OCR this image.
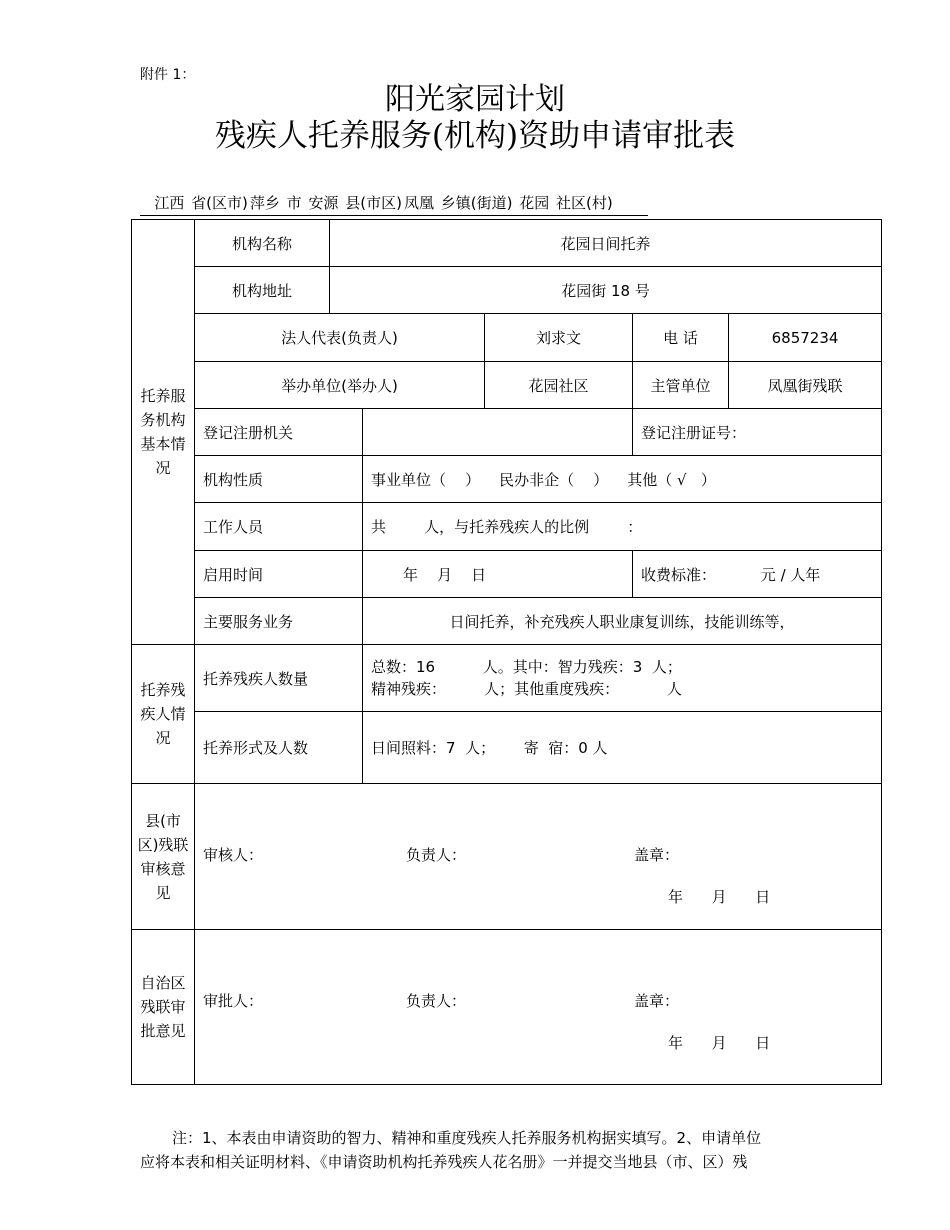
附件 1：
阳光家园计划
残疾人托养服务(机构)资助申请审批表
江西 省(区市) 萍乡 市 安源 县(市区) 凤凰 乡镇(街道) 花园 社区(村)
托养服务机构基本情况	机构名称	花园日间托养				
	机构地址	花园街 18 号				
	法人代表(负责人)			刘求文	电 话	6857234
	举办单位(举办人)			花园社区	主管单位	凤凰街残联
	登记注册机关				登记注册证号：	
	机构性质		事业单位（    ）    民办非企（    ）    其他（ √   ）			
	工作人员		共        人，与托养残疾人的比例        ：			
	启用时间		年    月    日		收费标准： 元 / 人年	
	主要服务业务		日间托养，补充残疾人职业康复训练，技能训练等，			
托养残疾人情况	托养残疾人数量		总数：16          人。其中：智力残疾：3  人；
精神残疾：        人；其他重度残疾：          人			

	托养形式及人数		日间照料：7  人；      寄  宿：0 人			
县(市区)残联审核意见	审核人： 负责人： 盖章：
年      月      日					

自治区残联审批意见	审批人： 负责人： 盖章：
年      月      日					
注：1、本表由申请资助的智力、精神和重度残疾人托养服务机构据实填写。2、申请单位
应将本表和相关证明材料、《申请资助机构托养残疾人花名册》一并提交当地县（市、区）残
